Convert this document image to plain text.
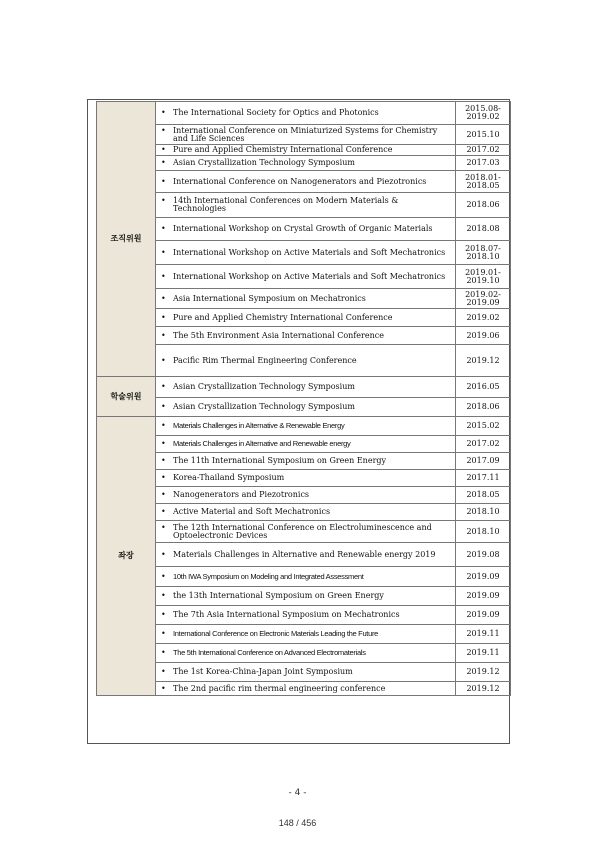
조직위원	• The International Society for Optics and Photonics	2015.08-
2019.02

	• International Conference on Miniaturized Systems for Chemistry and Life Sciences	2015.10

	• Pure and Applied Chemistry International Conference	2017.02

	• Asian Crystallization Technology Symposium	2017.03

	• International Conference on Nanogenerators and Piezotronics	2018.01-
2018.05

	• 14th International Conferences on Modern Materials & Technologies	2018.06

	• International Workshop on Crystal Growth of Organic Materials	2018.08

	• International Workshop on Active Materials and Soft Mechatronics	2018.07-
2018.10

	• International Workshop on Active Materials and Soft Mechatronics	2019.01-
2019.10

	• Asia International Symposium on Mechatronics	2019.02-
2019.09

	• Pure and Applied Chemistry International Conference	2019.02

	• The 5th Environment Asia International Conference	2019.06

	• Pacific Rim Thermal Engineering Conference	2019.12
학술위원	• Asian Crystallization Technology Symposium	2016.05

	• Asian Crystallization Technology Symposium	2018.06
좌장	• Materials Challenges in Alternative & Renewable Energy	2015.02

	• Materials Challenges in Alternative and Renewable energy	2017.02

	• The 11th International Symposium on Green Energy	2017.09

	• Korea-Thailand Symposium	2017.11

	• Nanogenerators and Piezotronics	2018.05

	• Active Material and Soft Mechatronics	2018.10

	• The 12th International Conference on Electroluminescence and Optoelectronic Devices	2018.10

	• Materials Challenges in Alternative and Renewable energy 2019	2019.08

	• 10th IWA Symposium on Modeling and Integrated Assessment	2019.09

	• the 13th International Symposium on Green Energy	2019.09

	• The 7th Asia International Symposium on Mechatronics	2019.09

	• International Conference on Electronic Materials Leading the Future	2019.11

	• The 5th International Conference on Advanced Electromaterials	2019.11

	• The 1st Korea-China-Japan Joint Symposium	2019.12

	• The 2nd pacific rim thermal engineering conference	2019.12
- 4 -
148 / 456
